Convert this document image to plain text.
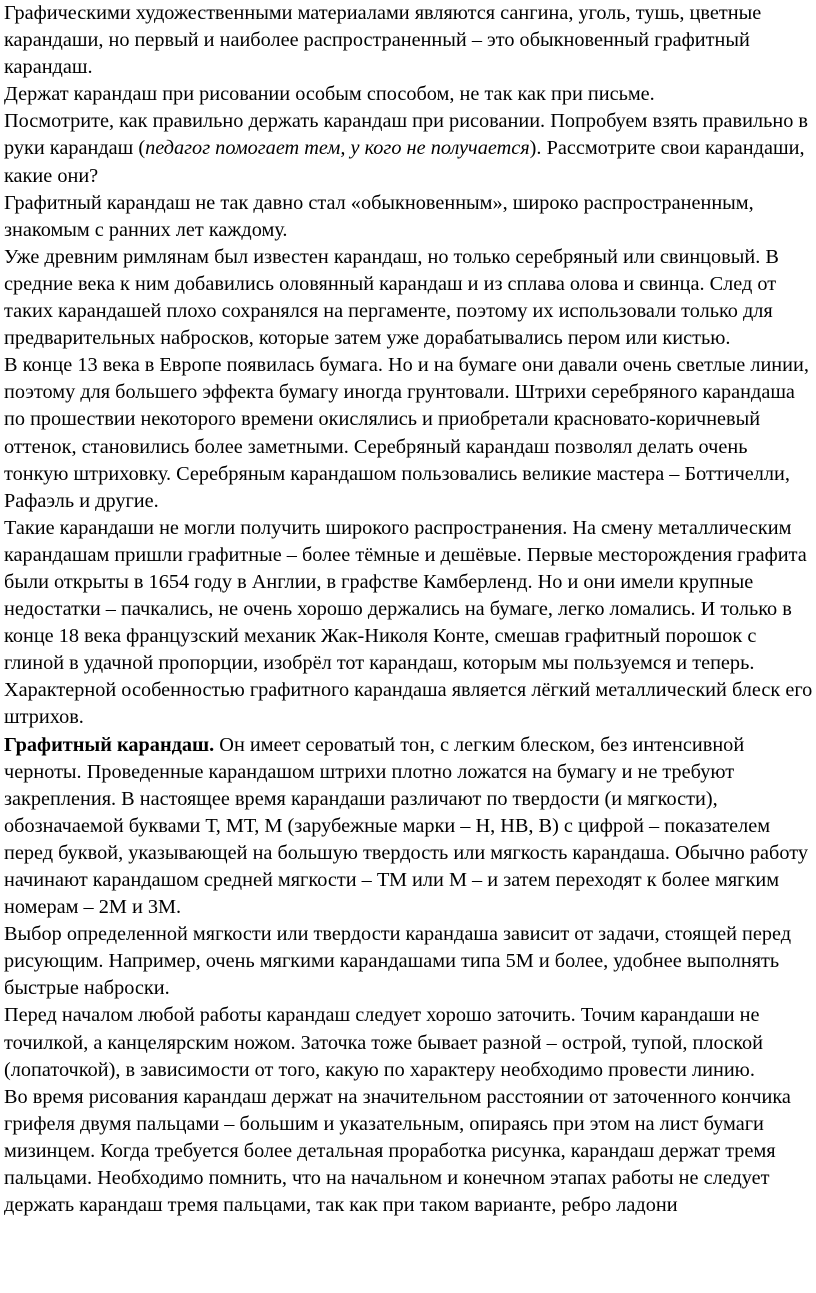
Графическими художественными материалами являются сангина, уголь, тушь, цветные карандаши, но первый и наиболее распространенный – это обыкновенный графитный карандаш.

Держат карандаш при рисовании особым способом, не так как при письме.

Посмотрите, как правильно держать карандаш при рисовании. Попробуем взять правильно в руки карандаш (педагог помогает тем, у кого не получается). Рассмотрите свои карандаши, какие они?

Графитный карандаш не так давно стал «обыкновенным», широко распространенным, знакомым с ранних лет каждому.

Уже древним римлянам был известен карандаш, но только серебряный или свинцовый. В средние века к ним добавились оловянный карандаш и из сплава олова и свинца. След от таких карандашей плохо сохранялся на пергаменте, поэтому их использовали только для предварительных набросков, которые затем уже дорабатывались пером или кистью.

В конце 13 века в Европе появилась бумага. Но и на бумаге они давали очень светлые линии, поэтому для большего эффекта бумагу иногда грунтовали. Штрихи серебряного карандаша по прошествии некоторого времени окислялись и приобретали красновато-коричневый оттенок, становились более заметными. Серебряный карандаш позволял делать очень тонкую штриховку. Серебряным карандашом пользовались великие мастера – Боттичелли, Рафаэль и другие.

Такие карандаши не могли получить широкого распространения. На смену металлическим карандашам пришли графитные – более тёмные и дешёвые. Первые месторождения графита были открыты в 1654 году в Англии, в графстве Камберленд. Но и они имели крупные недостатки – пачкались, не очень хорошо держались на бумаге, легко ломались. И только в конце 18 века французский механик Жак-Николя Конте, смешав графитный порошок с глиной в удачной пропорции, изобрёл тот карандаш, которым мы пользуемся и теперь.

Характерной особенностью графитного карандаша является лёгкий металлический блеск его штрихов.

Графитный карандаш. Он имеет сероватый тон, с легким блеском, без интенсивной черноты. Проведенные карандашом штрихи плотно ложатся на бумагу и не требуют закрепления. В настоящее время карандаши различают по твердости (и мягкости), обозначаемой буквами Т, МТ, М (зарубежные марки – Н, НВ, В) с цифрой – показателем перед буквой, указывающей на большую твердость или мягкость карандаша. Обычно работу начинают карандашом средней мягкости – ТМ или М – и затем переходят к более мягким номерам – 2М и 3М.

Выбор определенной мягкости или твердости карандаша зависит от задачи, стоящей перед рисующим. Например, очень мягкими карандашами типа 5М и более, удобнее выполнять быстрые наброски.

Перед началом любой работы карандаш следует хорошо заточить. Точим карандаши не точилкой, а канцелярским ножом. Заточка тоже бывает разной – острой, тупой, плоской (лопаточкой), в зависимости от того, какую по характеру необходимо провести линию.

Во время рисования карандаш держат на значительном расстоянии от заточенного кончика грифеля двумя пальцами – большим и указательным, опираясь при этом на лист бумаги мизинцем. Когда требуется более детальная проработка рисунка, карандаш держат тремя пальцами. Необходимо помнить, что на начальном и конечном этапах работы не следует держать карандаш тремя пальцами, так как при таком варианте, ребро ладони
